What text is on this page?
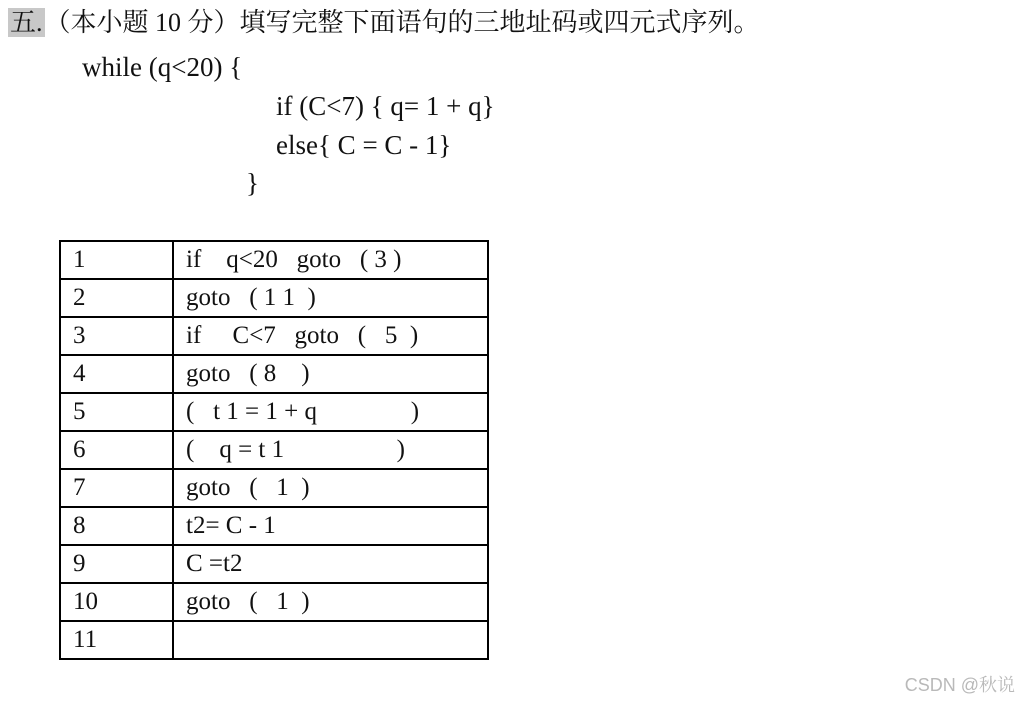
五.（本小题 10 分）填写完整下面语句的三地址码或四元式序列。
while (q<20) {
if (C<7) { q= 1 + q}
else{ C = C - 1}
}
1	if    q<20   goto   ( 3 )
2	goto   ( 1 1  )
3	if     C<7   goto   (   5  )
4	goto   ( 8    )
5	(   t 1 = 1 + q               )
6	(    q = t 1                  )
7	goto   (   1  )
8	t2= C - 1
9	C =t2
10	goto   (   1  )
11	
CSDN @秋说
